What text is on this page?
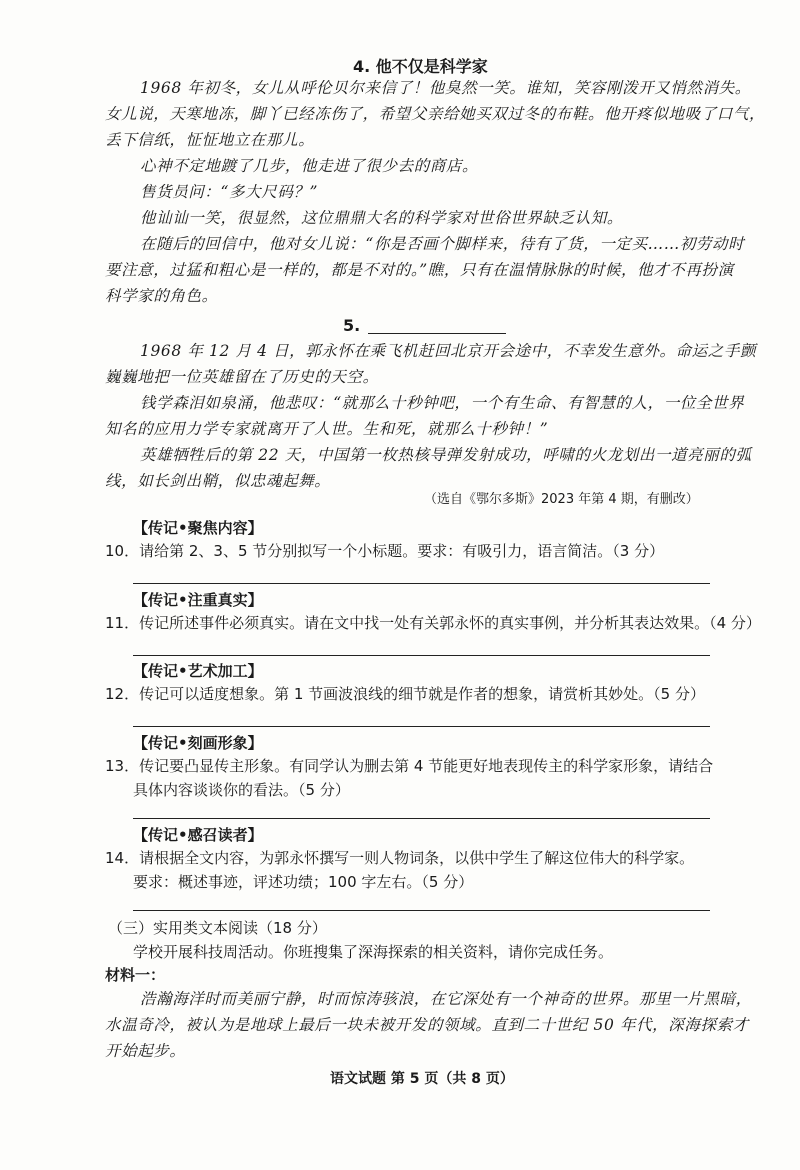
4. 他不仅是科学家
1968 年初冬，女儿从呼伦贝尔来信了！他臭然一笑。谁知，笑容刚泼开又悄然消失。
女儿说，天寒地冻，脚丫已经冻伤了，希望父亲给她买双过冬的布鞋。他开疼似地吸了口气，
丢下信纸，怔怔地立在那儿。
心神不定地踱了几步，他走进了很少去的商店。
售货员问：“多大尺码？”
他讪讪一笑，很显然，这位鼎鼎大名的科学家对世俗世界缺乏认知。
在随后的回信中，他对女儿说：“你是否画个脚样来，待有了货，一定买……初劳动时
要注意，过猛和粗心是一样的，都是不对的。”瞧，只有在温情脉脉的时候，他才不再扮演
科学家的角色。
5.
1968 年 12 月 4 日，郭永怀在乘飞机赶回北京开会途中，不幸发生意外。命运之手颤
巍巍地把一位英雄留在了历史的天空。
钱学森泪如泉涌，他悲叹：“就那么十秒钟吧，一个有生命、有智慧的人，一位全世界
知名的应用力学专家就离开了人世。生和死，就那么十秒钟！”
英雄牺牲后的第 22 天，中国第一枚热核导弹发射成功，呼啸的火龙划出一道亮丽的弧
线，如长剑出鞘，似忠魂起舞。
（选自《鄂尔多斯》2023 年第 4 期，有删改）
【传记•聚焦内容】
10．请给第 2、3、5 节分别拟写一个小标题。要求：有吸引力，语言简洁。（3 分）
【传记•注重真实】
11．传记所述事件必须真实。请在文中找一处有关郭永怀的真实事例，并分析其表达效果。（4 分）
【传记•艺术加工】
12．传记可以适度想象。第 1 节画波浪线的细节就是作者的想象，请赏析其妙处。（5 分）
【传记•刻画形象】
13．传记要凸显传主形象。有同学认为删去第 4 节能更好地表现传主的科学家形象，请结合
具体内容谈谈你的看法。（5 分）
【传记•感召读者】
14．请根据全文内容，为郭永怀撰写一则人物词条，以供中学生了解这位伟大的科学家。
要求：概述事迹，评述功绩；100 字左右。（5 分）
（三）实用类文本阅读（18 分）
学校开展科技周活动。你班搜集了深海探索的相关资料，请你完成任务。
材料一：
浩瀚海洋时而美丽宁静，时而惊涛骇浪，在它深处有一个神奇的世界。那里一片黑暗，
水温奇冷，被认为是地球上最后一块未被开发的领域。直到二十世纪 50 年代，深海探索才
开始起步。
语文试题 第 5 页（共 8 页）
